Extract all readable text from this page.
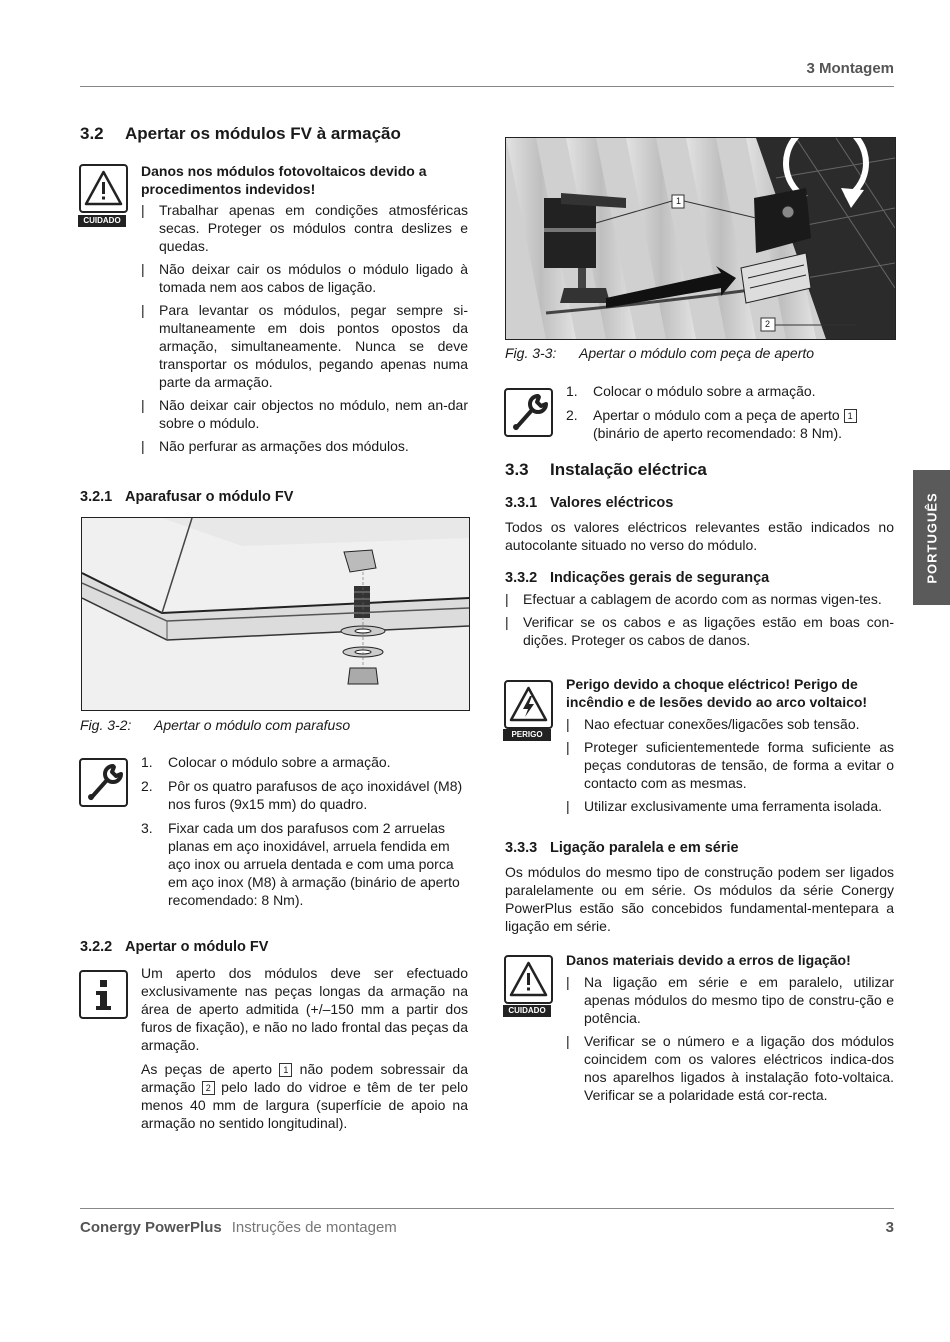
3 Montagem
PORTUGUÊS
3.2 Apertar os módulos FV à armação
CUIDADO
Danos nos módulos fotovoltaicos devido a procedimentos indevidos!
| Trabalhar apenas em condições atmosféricas secas. Proteger os módulos contra deslizes e quedas.
| Não deixar cair os módulos o módulo ligado à tomada nem aos cabos de ligação.
| Para levantar os módulos, pegar sempre si-multaneamente em dois pontos opostos da armação, simultaneamente. Nunca se deve transportar os módulos, pegando apenas numa parte da armação.
| Não deixar cair objectos no módulo, nem an-dar sobre o módulo.
| Não perfurar as armações dos módulos.
3.2.1 Aparafusar o módulo FV
Fig. 3-2: Apertar o módulo com parafuso
1. Colocar o módulo sobre a armação.
2. Pôr os quatro parafusos de aço inoxidável (M8) nos furos (9x15 mm) do quadro.
3. Fixar cada um dos parafusos com 2 arruelas planas em aço inoxidável, arruela fendida em aço inox ou arruela dentada e com uma porca em aço inox (M8) à armação (binário de aperto recomendado: 8 Nm).
3.2.2 Apertar o módulo FV
Um aperto dos módulos deve ser efectuado exclusivamente nas peças longas da armação na área de aperto admitida (+/–150 mm a partir dos furos de fixação), e não no lado frontal das peças da armação.
As peças de aperto 1 não podem sobressair da armação 2 pelo lado do vidroe e têm de ter pelo menos 40 mm de largura (superfície de apoio na armação no sentido longitudinal).
1
2
Fig. 3-3: Apertar o módulo com peça de aperto
1. Colocar o módulo sobre a armação.
2. Apertar o módulo com a peça de aperto 1 (binário de aperto recomendado: 8 Nm).
3.3 Instalação eléctrica
3.3.1 Valores eléctricos
Todos os valores eléctricos relevantes estão indicados no autocolante situado no verso do módulo.
3.3.2 Indicações gerais de segurança
| Efectuar a cablagem de acordo com as normas vigen-tes.
| Verificar se os cabos e as ligações estão em boas con-dições. Proteger os cabos de danos.
PERIGO
Perigo devido a choque eléctrico! Perigo de incêndio e de lesões devido ao arco voltaico!
| Nao efectuar conexões/ligacões sob tensão.
| Proteger suficientementede forma suficiente as peças condutoras de tensão, de forma a evitar o contacto com as mesmas.
| Utilizar exclusivamente uma ferramenta isolada.
3.3.3 Ligação paralela e em série
Os módulos do mesmo tipo de construção podem ser ligados paralelamente ou em série. Os módulos da série Conergy PowerPlus estão são concebidos fundamental-mentepara a ligação em série.
CUIDADO
Danos materiais devido a erros de ligação!
| Na ligação em série e em paralelo, utilizar apenas módulos do mesmo tipo de constru-ção e potência.
| Verificar se o número e a ligação dos módulos coincidem com os valores eléctricos indica-dos nos aparelhos ligados à instalação foto-voltaica. Verificar se a polaridade está cor-recta.
Conergy PowerPlus Instruções de montagem	3
